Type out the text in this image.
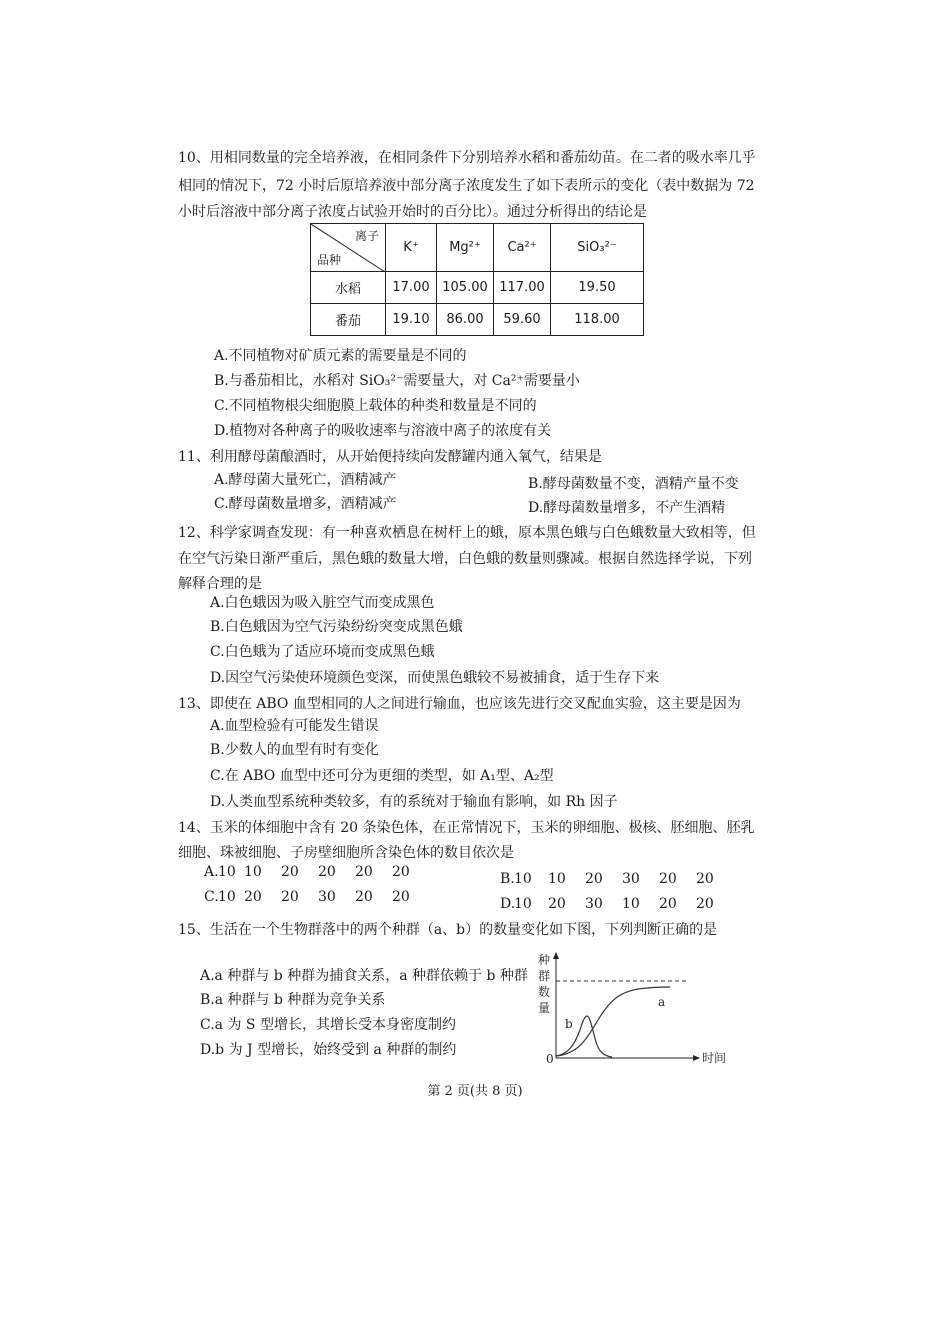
10、用相同数量的完全培养液，在相同条件下分别培养水稻和番茄幼苗。在二者的吸水率几乎
相同的情况下，72 小时后原培养液中部分离子浓度发生了如下表所示的变化（表中数据为 72
小时后溶液中部分离子浓度占试验开始时的百分比）。通过分析得出的结论是
离子
品种	K⁺	Mg²⁺	Ca²⁺	SiO₃²⁻
水稻	17.00	105.00	117.00	19.50
番茄	19.10	86.00	59.60	118.00
A.不同植物对矿质元素的需要量是不同的
B.与番茄相比，水稻对 SiO₃²⁻需要量大，对 Ca²⁺需要量小
C.不同植物根尖细胞膜上载体的种类和数量是不同的
D.植物对各种离子的吸收速率与溶液中离子的浓度有关
11、利用酵母菌酿酒时，从开始便持续向发酵罐内通入氧气，结果是
A.酵母菌大量死亡，酒精减产	B.酵母菌数量不变，酒精产量不变
C.酵母菌数量增多，酒精减产	D.酵母菌数量增多，不产生酒精
12、科学家调查发现：有一种喜欢栖息在树杆上的蛾，原本黑色蛾与白色蛾数量大致相等，但
在空气污染日渐严重后，黑色蛾的数量大增，白色蛾的数量则骤减。根据自然选择学说，下列
解释合理的是
A.白色蛾因为吸入脏空气而变成黑色
B.白色蛾因为空气污染纷纷突变成黑色蛾
C.白色蛾为了适应环境而变成黑色蛾
D.因空气污染使环境颜色变深，而使黑色蛾较不易被捕食，适于生存下来
13、即使在 ABO 血型相同的人之间进行输血，也应该先进行交叉配血实验，这主要是因为
A.血型检验有可能发生错误
B.少数人的血型有时有变化
C.在 ABO 血型中还可分为更细的类型，如 A₁型、A₂型
D.人类血型系统种类较多，有的系统对于输血有影响，如 Rh 因子
14、玉米的体细胞中含有 20 条染色体，在正常情况下，玉米的卵细胞、极核、胚细胞、胚乳
细胞、珠被细胞、子房壁细胞所含染色体的数目依次是
A.10 10 20 20 20 20	B.10 10 20 30 20 20
C.10 20 20 30 20 20	D.10 20 30 10 20 20
15、生活在一个生物群落中的两个种群（a、b）的数量变化如下图，下列判断正确的是
A.a 种群与 b 种群为捕食关系，a 种群依赖于 b 种群
B.a 种群与 b 种群为竞争关系
C.a 为 S 型增长，其增长受本身密度制约
D.b 为 J 型增长，始终受到 a 种群的制约
种
群
数
量
0	时间
a
b
第 2 页(共 8 页)
